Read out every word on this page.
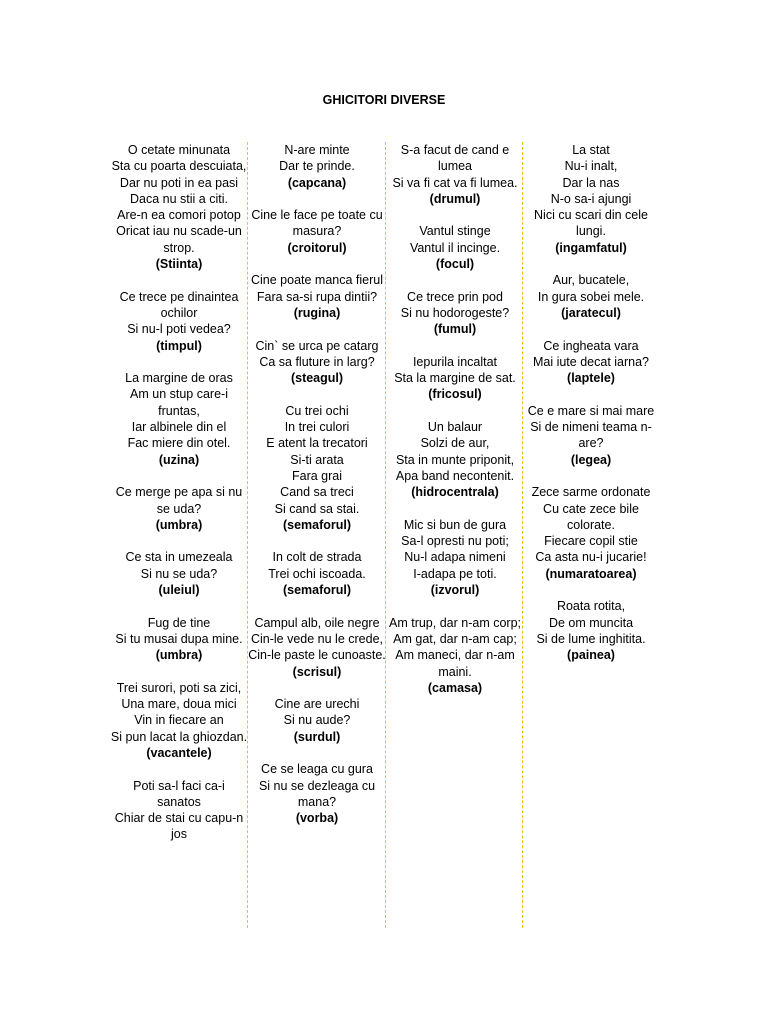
GHICITORI DIVERSE
O cetate minunata
Sta cu poarta descuiata,
Dar nu poti in ea pasi
Daca nu stii a citi.
Are-n ea comori potop
Oricat iau nu scade-un strop.
(Stiinta)
Ce trece pe dinaintea ochilor
Si nu-l poti vedea?
(timpul)
La margine de oras
Am un stup care-i fruntas,
Iar albinele din el
Fac miere din otel.
(uzina)
Ce merge pe apa si nu se uda?
(umbra)
Ce sta in umezeala
Si nu se uda?
(uleiul)
Fug de tine
Si tu musai dupa mine.
(umbra)
Trei surori, poti sa zici,
Una mare, doua mici
Vin in fiecare an
Si pun lacat la ghiozdan.
(vacantele)
Poti sa-l faci ca-i sanatos
Chiar de stai cu capu-n jos
N-are minte
Dar te prinde.
(capcana)
Cine le face pe toate cu masura?
(croitorul)
Cine poate manca fierul
Fara sa-si rupa dintii?
(rugina)
Cin` se urca pe catarg
Ca sa fluture in larg?
(steagul)
Cu trei ochi
In trei culori
E atent la trecatori
Si-ti arata
Fara grai
Cand sa treci
Si cand sa stai.
(semaforul)
In colt de strada
Trei ochi iscoada.
(semaforul)
Campul alb, oile negre
Cin-le vede nu le crede,
Cin-le paste le cunoaste.
(scrisul)
Cine are urechi
Si nu aude?
(surdul)
Ce se leaga cu gura
Si nu se dezleaga cu mana?
(vorba)
S-a facut de cand e lumea
Si va fi cat va fi lumea.
(drumul)
Vantul stinge
Vantul il incinge.
(focul)
Ce trece prin pod
Si nu hodorogeste?
(fumul)
Iepurila incaltat
Sta la margine de sat.
(fricosul)
Un balaur
Solzi de aur,
Sta in munte priponit,
Apa band necontenit.
(hidrocentrala)
Mic si bun de gura
Sa-l opresti nu poti;
Nu-l adapa nimeni
I-adapa pe toti.
(izvorul)
Am trup, dar n-am corp;
Am gat, dar n-am cap;
Am maneci, dar n-am maini.
(camasa)
La stat
Nu-i inalt,
Dar la nas
N-o sa-i ajungi
Nici cu scari din cele lungi.
(ingamfatul)
Aur, bucatele,
In gura sobei mele.
(jaratecul)
Ce ingheata vara
Mai iute decat iarna?
(laptele)
Ce e mare si mai mare
Si de nimeni teama n-are?
(legea)
Zece sarme ordonate
Cu cate zece bile colorate.
Fiecare copil stie
Ca asta nu-i jucarie!
(numaratoarea)
Roata rotita,
De om muncita
Si de lume inghitita.
(painea)
